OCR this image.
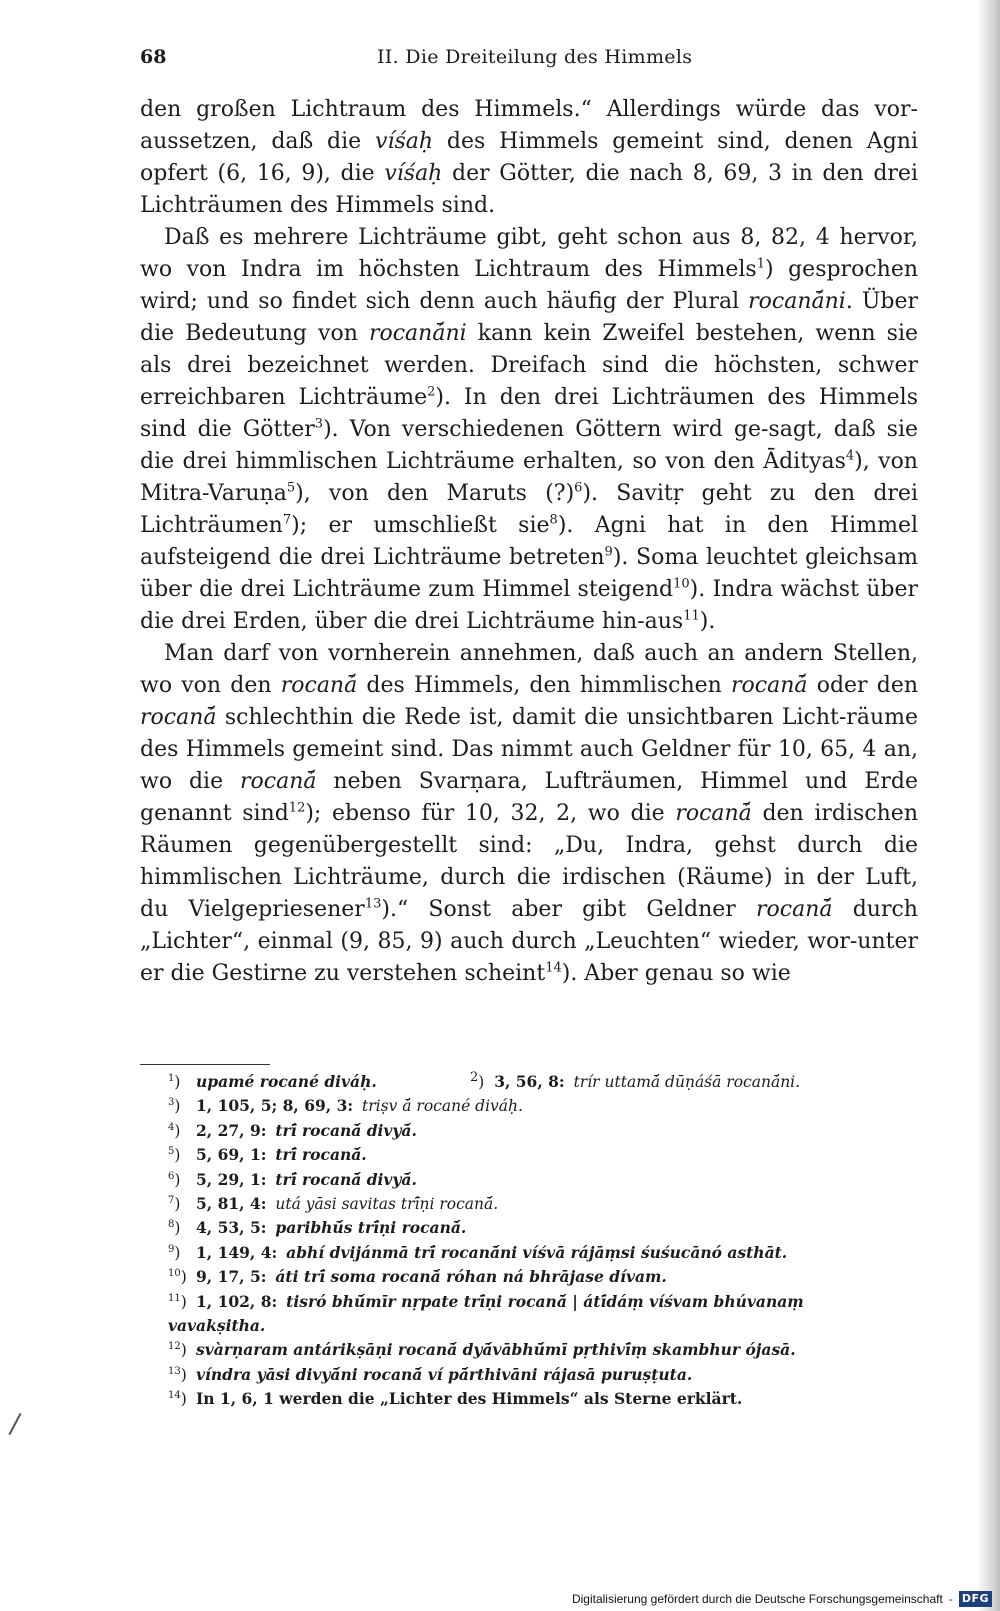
68	II. Die Dreiteilung des Himmels

den großen Lichtraum des Himmels.“ Allerdings würde das vor-aussetzen, daß die víśaḥ des Himmels gemeint sind, denen Agni opfert (6, 16, 9), die víśaḥ der Götter, die nach 8, 69, 3 in den drei Lichträumen des Himmels sind.

Daß es mehrere Lichträume gibt, geht schon aus 8, 82, 4 hervor, wo von Indra im höchsten Lichtraum des Himmels$^1$) gesprochen wird; und so findet sich denn auch häufig der Plural rocanā́ni. Über die Bedeutung von rocanā́ni kann kein Zweifel bestehen, wenn sie als drei bezeichnet werden. Dreifach sind die höchsten, schwer erreichbaren Lichträume$^2$). In den drei Lichträumen des Himmels sind die Götter$^3$). Von verschiedenen Göttern wird ge-sagt, daß sie die drei himmlischen Lichträume erhalten, so von den Ādityas$^4$), von Mitra-Varuṇa$^5$), von den Maruts (?)$^6$). Savitṛ geht zu den drei Lichträumen$^7$); er umschließt sie$^8$). Agni hat in den Himmel aufsteigend die drei Lichträume betreten$^9$). Soma leuchtet gleichsam über die drei Lichträume zum Himmel steigend$^{10}$). Indra wächst über die drei Erden, über die drei Lichträume hin-aus$^{11}$).

Man darf von vornherein annehmen, daß auch an andern Stellen, wo von den rocanā́ des Himmels, den himmlischen rocanā́ oder den rocanā́ schlechthin die Rede ist, damit die unsichtbaren Licht-räume des Himmels gemeint sind. Das nimmt auch Geldner für 10, 65, 4 an, wo die rocanā́ neben Svarṇara, Lufträumen, Himmel und Erde genannt sind$^{12}$); ebenso für 10, 32, 2, wo die rocanā́ den irdischen Räumen gegenübergestellt sind: „Du, Indra, gehst durch die himmlischen Lichträume, durch die irdischen (Räume) in der Luft, du Vielgepriesener$^{13}$).“ Sonst aber gibt Geldner rocanā́ durch „Lichter“, einmal (9, 85, 9) auch durch „Leuchten“ wieder, wor-unter er die Gestirne zu verstehen scheint$^{14}$). Aber genau so wie

$^1$) upamé rocané diváḥ.	$^2$)  3, 56, 8: trír uttamā́ dūṇáśā rocanā́ni.
$^3$) 1, 105, 5; 8, 69, 3: triṣv ā́ rocané diváḥ.
$^4$) 2, 27, 9: trī́ rocanā́ divyā́.
$^5$) 5, 69, 1: trī́ rocanā́.
$^6$) 5, 29, 1: trī́ rocanā́ divyā́.
$^7$) 5, 81, 4: utá yāsi savitas trī́ṇi rocanā́.
$^8$) 4, 53, 5: paribhū́s trī́ṇi rocanā́.
$^9$) 1, 149, 4: abhí dvijánmā trī́ rocanā́ni víśvā rájāṃsi śuśucānó asthāt.
$^{10}$) 9, 17, 5: áti trī́ soma rocanā́ róhan ná bhrājase dívam.
$^{11}$) 1, 102, 8: tisró bhū́mīr nṛpate trī́ṇi rocanā́ | átī́dáṃ víśvam bhúvanaṃ
vavakṣitha.
$^{12}$) svàrṇaram antárikṣāṇi rocanā́ dyā́vābhū́mī pṛthivī́ṃ skambhur ójasā.
$^{13}$) víndra yāsi divyā́ni rocanā́ ví pā́rthivāni rájasā puruṣṭuta.
$^{14}$) In 1, 6, 1 werden die „Lichter des Himmels“ als Sterne erklärt.
Digitalisierung gefördert durch die Deutsche Forschungsgemeinschaft - DFG
